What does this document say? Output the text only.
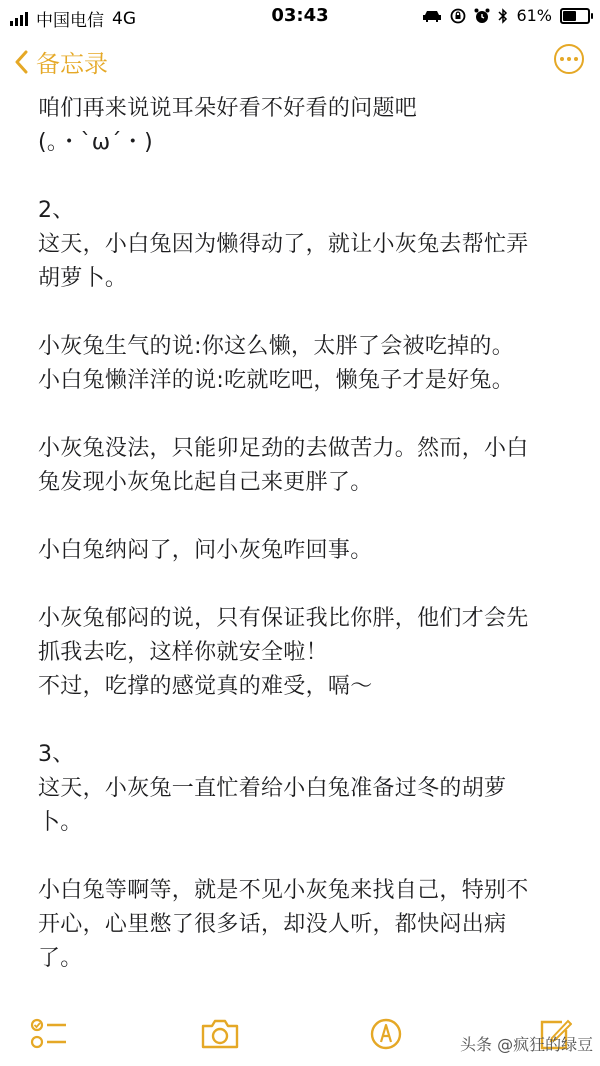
中国电信 4G	03:43	61%
备忘录

咱们再来说说耳朵好看不好看的问题吧

(。・`ω´・)

2、

这天，小白兔因为懒得动了，就让小灰兔去帮忙弄

胡萝卜。

小灰兔生气的说:你这么懒，太胖了会被吃掉的。

小白兔懒洋洋的说:吃就吃吧，懒兔子才是好兔。

小灰兔没法，只能卯足劲的去做苦力。然而，小白

兔发现小灰兔比起自己来更胖了。

小白兔纳闷了，问小灰兔咋回事。

小灰兔郁闷的说，只有保证我比你胖，他们才会先

抓我去吃，这样你就安全啦！

不过，吃撑的感觉真的难受，嗝～

3、

这天，小灰兔一直忙着给小白兔准备过冬的胡萝

卜。

小白兔等啊等，就是不见小灰兔来找自己，特别不

开心，心里憋了很多话，却没人听，都快闷出病

了。

头条 @疯狂的绿豆
